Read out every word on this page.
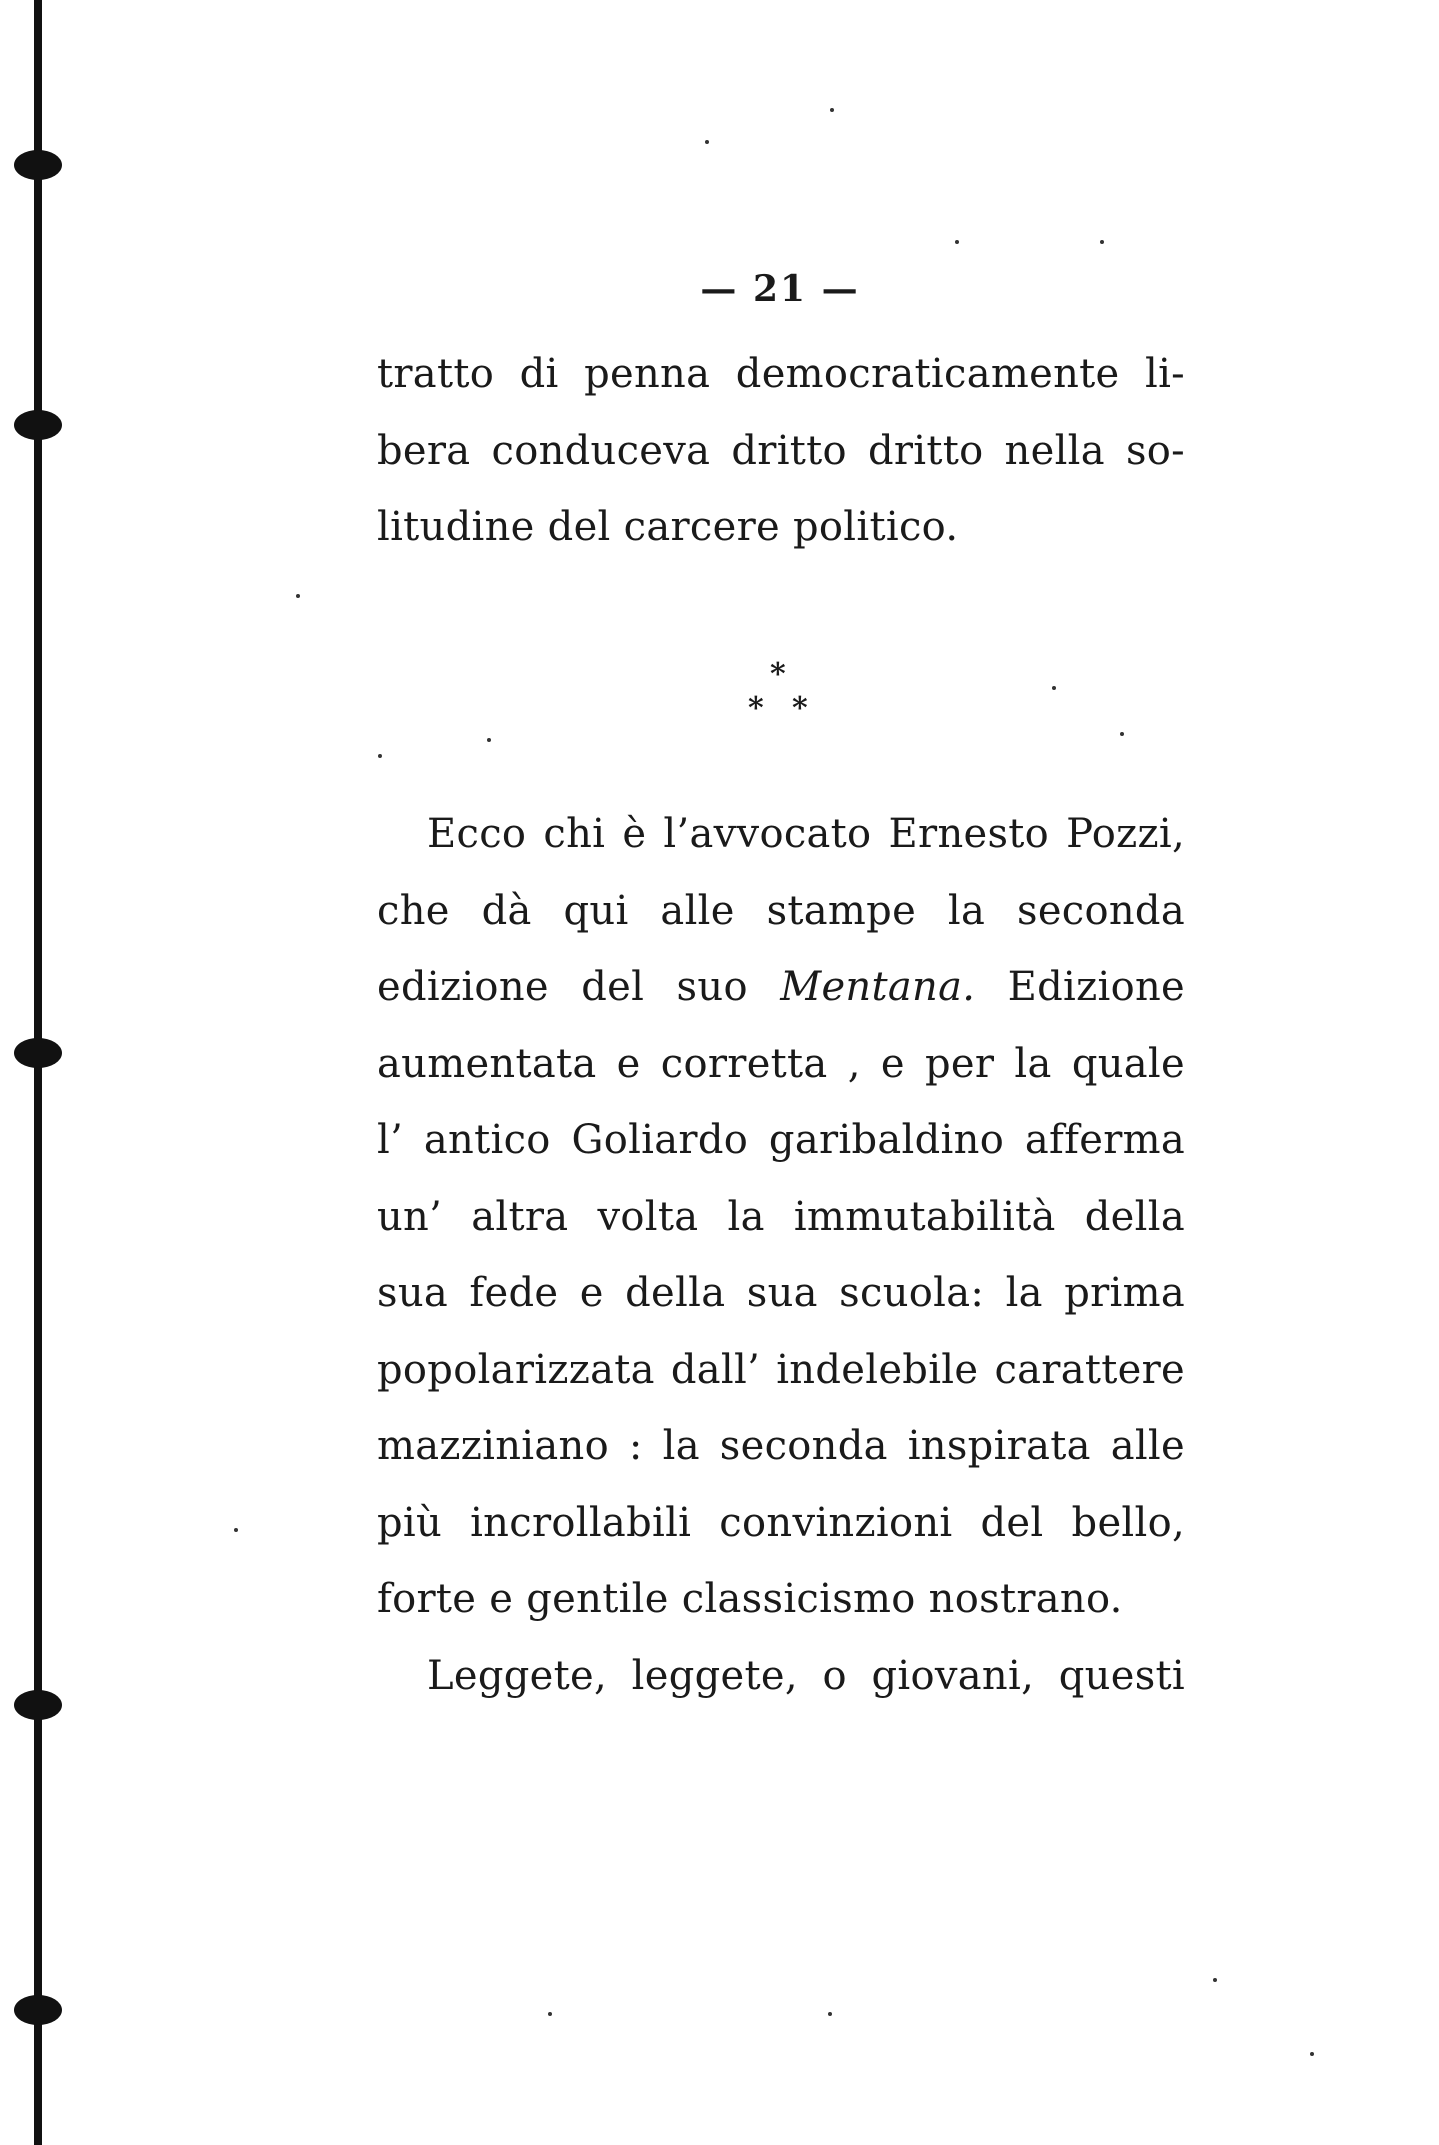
— 21 —
tratto di penna democraticamente li-
bera conduceva dritto dritto nella so-
litudine del carcere politico.
*
* *
Ecco chi è l’avvocato Ernesto Pozzi,
che dà qui alle stampe la seconda
edizione del suo Mentana. Edizione
aumentata e corretta , e per la quale
l’ antico Goliardo garibaldino afferma
un’ altra volta la immutabilità della
sua fede e della sua scuola: la prima
popolarizzata dall’ indelebile carattere
mazziniano : la seconda inspirata alle
più incrollabili convinzioni del bello,
forte e gentile classicismo nostrano.
Leggete, leggete, o giovani, questi
